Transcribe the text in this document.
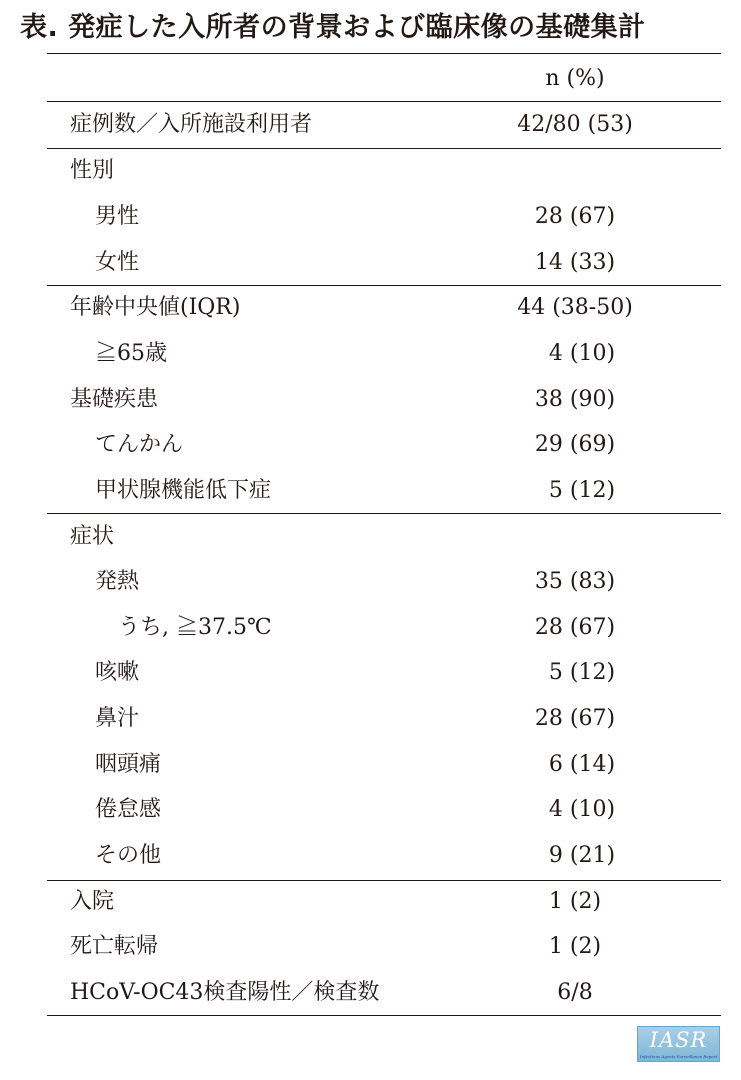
表. 発症した入所者の背景および臨床像の基礎集計
n (%)
症例数／入所施設利用者	42/80 (53)
性別
男性	28 (67)
女性	14 (33)
年齢中央値(IQR)	44 (38-50)
≧65歳	4 (10)
基礎疾患	38 (90)
てんかん	29 (69)
甲状腺機能低下症	5 (12)
症状
発熱	35 (83)
うち, ≧37.5℃	28 (67)
咳嗽	5 (12)
鼻汁	28 (67)
咽頭痛	6 (14)
倦怠感	4 (10)
その他	9 (21)
入院	1 (2)
死亡転帰	1 (2)
HCoV-OC43検査陽性／検査数	6/8
IASR
Infectious Agents Surveillance Report
